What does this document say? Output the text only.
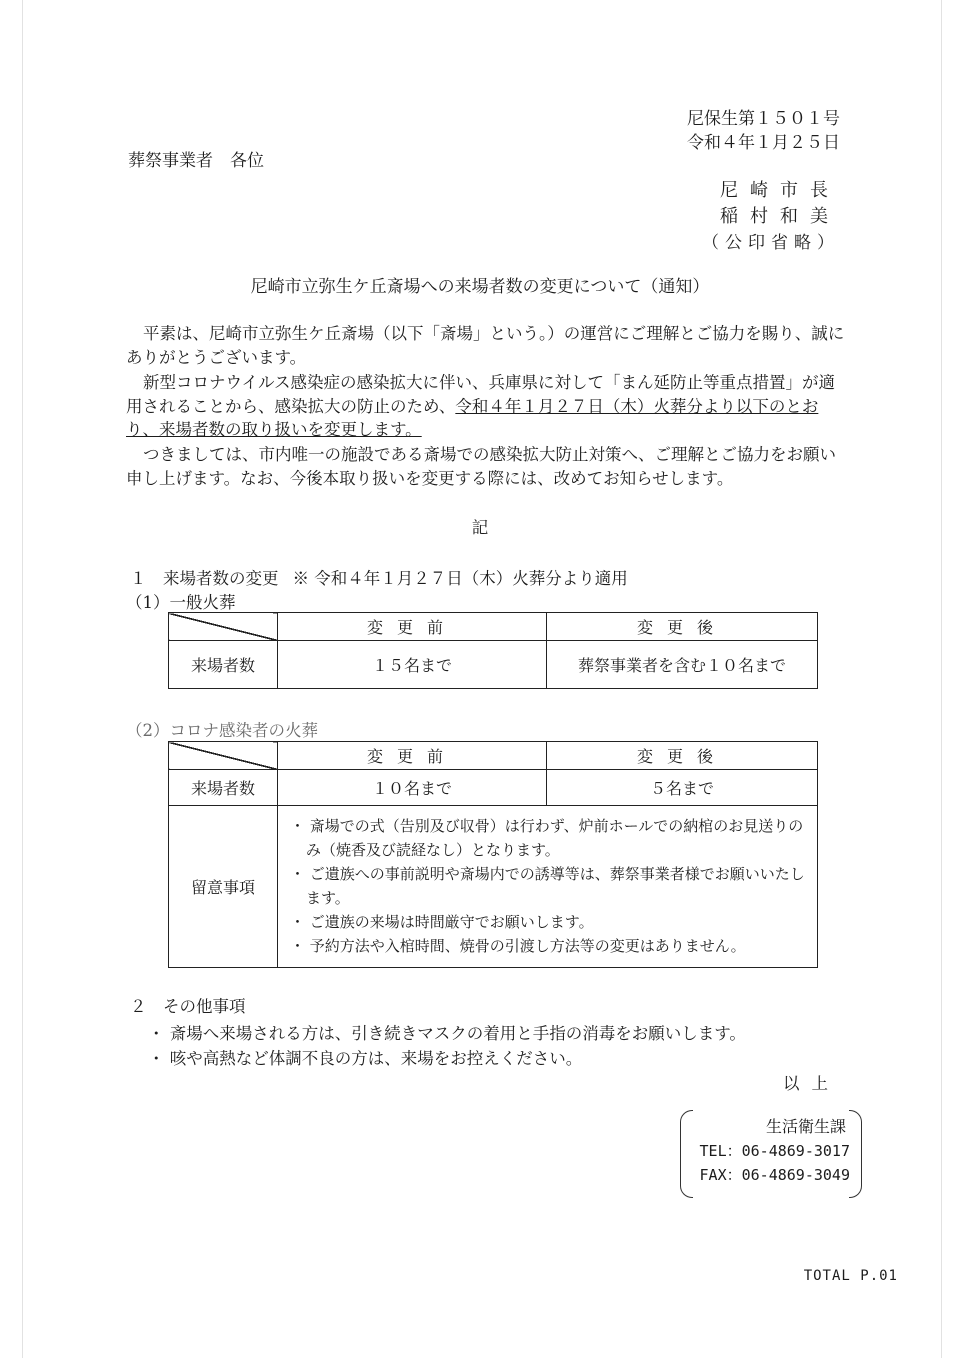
尼保生第１５０１号
令和４年１月２５日
葬祭事業者　各位
尼崎市長
稲村和美
（公印省略）
尼崎市立弥生ケ丘斎場への来場者数の変更について（通知）
平素は、尼崎市立弥生ケ丘斎場（以下「斎場」という。）の運営にご理解とご協力を賜り、誠にありがとうございます。
新型コロナウイルス感染症の感染拡大に伴い、兵庫県に対して「まん延防止等重点措置」が適用されることから、感染拡大の防止のため、令和４年１月２７日（木）火葬分より以下のとおり、来場者数の取り扱いを変更します。
つきましては、市内唯一の施設である斎場での感染拡大防止対策へ、ご理解とご協力をお願い申し上げます。なお、今後本取り扱いを変更する際には、改めてお知らせします。
記
１　来場者数の変更 ※ 令和４年１月２７日（木）火葬分より適用
（1）一般火葬
	変更前	変更後
来場者数	１５名まで	葬祭事業者を含む１０名まで
（2）コロナ感染者の火葬
	変更前	変更後
来場者数	１０名まで	５名まで
留意事項	・ 斎場での式（告別及び収骨）は行わず、炉前ホールでの納棺のお見送りのみ（焼香及び読経なし）となります。
・ ご遺族への事前説明や斎場内での誘導等は、葬祭事業者様でお願いいたします。
・ ご遺族の来場は時間厳守でお願いします。
・ 予約方法や入棺時間、焼骨の引渡し方法等の変更はありません。	
２　その他事項
・ 斎場へ来場される方は、引き続きマスクの着用と手指の消毒をお願いします。
・ 咳や高熱など体調不良の方は、来場をお控えください。
以上
生活衛生課
TEL：06-4869-3017
FAX：06-4869-3049
TOTAL P.01
